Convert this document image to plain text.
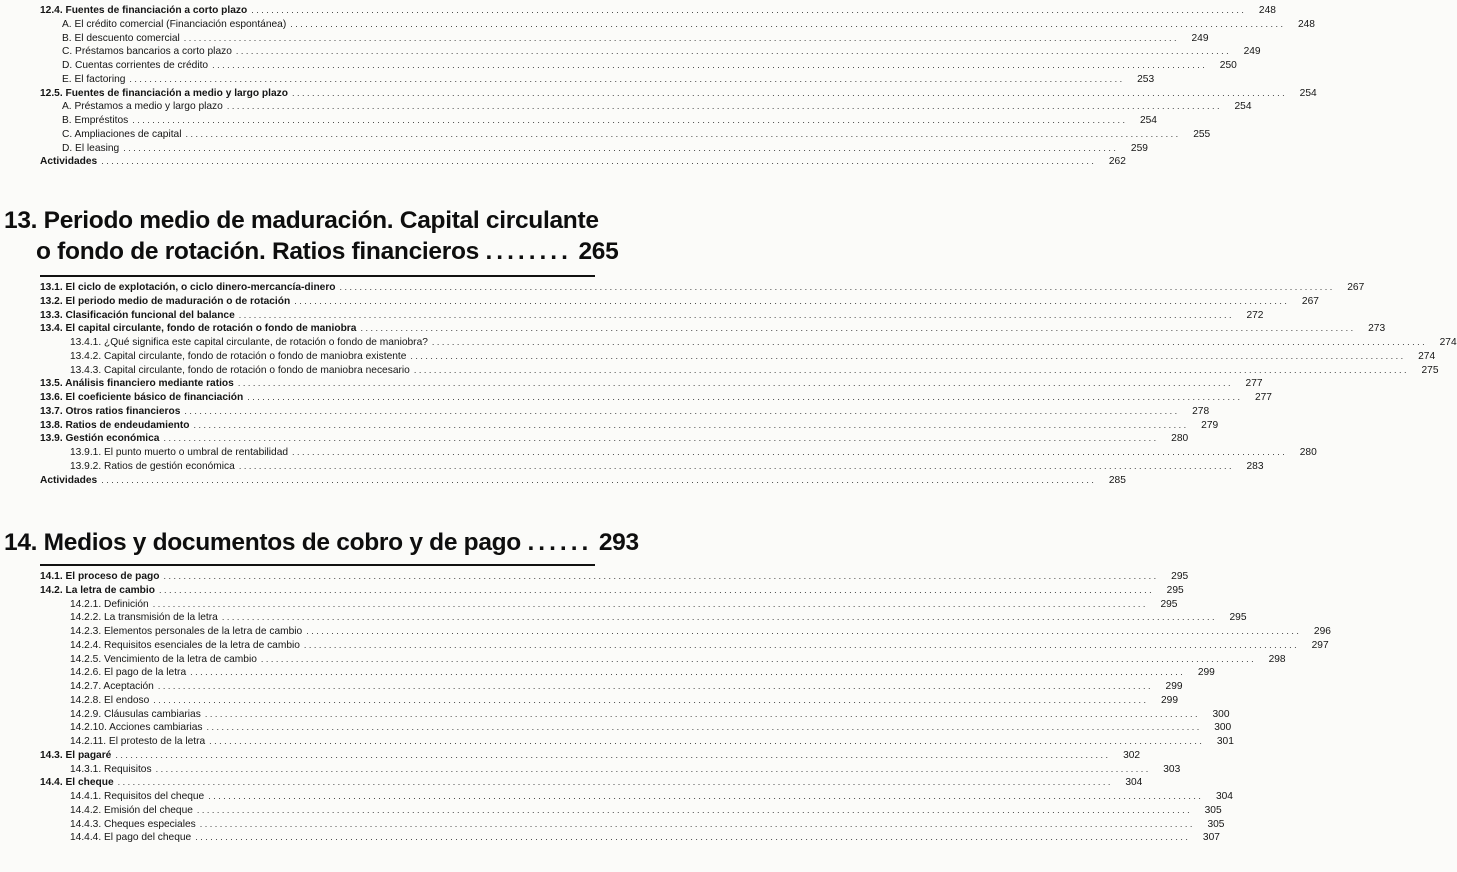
12.4. Fuentes de financiación a corto plazo . . .	248
A. El crédito comercial (Financiación espontánea) . . .	248
B. El descuento comercial . . .	249
C. Préstamos bancarios a corto plazo . . .	249
D. Cuentas corrientes de crédito . . .	250
E. El factoring . . .	253
12.5. Fuentes de financiación a medio y largo plazo . . .	254
A. Préstamos a medio y largo plazo . . .	254
B. Empréstitos . . .	254
C. Ampliaciones de capital . . .	255
D. El leasing . . .	259
Actividades . . .	262
13. Periodo medio de maduración. Capital circulante
o fondo de rotación. Ratios financieros ........ 265
13.1. El ciclo de explotación, o ciclo dinero-mercancía-dinero . . .	267
13.2. El periodo medio de maduración o de rotación . . .	267
13.3. Clasificación funcional del balance . . .	272
13.4. El capital circulante, fondo de rotación o fondo de maniobra . . .	273
13.4.1. ¿Qué significa este capital circulante, de rotación o fondo de maniobra? . . .	274
13.4.2. Capital circulante, fondo de rotación o fondo de maniobra existente . . .	274
13.4.3. Capital circulante, fondo de rotación o fondo de maniobra necesario . . .	275
13.5. Análisis financiero mediante ratios . . .	277
13.6. El coeficiente básico de financiación . . .	277
13.7. Otros ratios financieros . . .	278
13.8. Ratios de endeudamiento . . .	279
13.9. Gestión económica . . .	280
13.9.1. El punto muerto o umbral de rentabilidad . . .	280
13.9.2. Ratios de gestión económica . . .	283
Actividades . . .	285
14. Medios y documentos de cobro y de pago ...... 293
14.1. El proceso de pago . . .	295
14.2. La letra de cambio . . .	295
14.2.1. Definición . . .	295
14.2.2. La transmisión de la letra . . .	295
14.2.3. Elementos personales de la letra de cambio . . .	296
14.2.4. Requisitos esenciales de la letra de cambio . . .	297
14.2.5. Vencimiento de la letra de cambio . . .	298
14.2.6. El pago de la letra . . .	299
14.2.7. Aceptación . . .	299
14.2.8. El endoso . . .	299
14.2.9. Cláusulas cambiarias . . .	300
14.2.10. Acciones cambiarias . . .	300
14.2.11. El protesto de la letra . . .	301
14.3. El pagaré . . .	302
14.3.1. Requisitos . . .	303
14.4. El cheque . . .	304
14.4.1. Requisitos del cheque . . .	304
14.4.2. Emisión del cheque . . .	305
14.4.3. Cheques especiales . . .	305
14.4.4. El pago del cheque . . .	307
